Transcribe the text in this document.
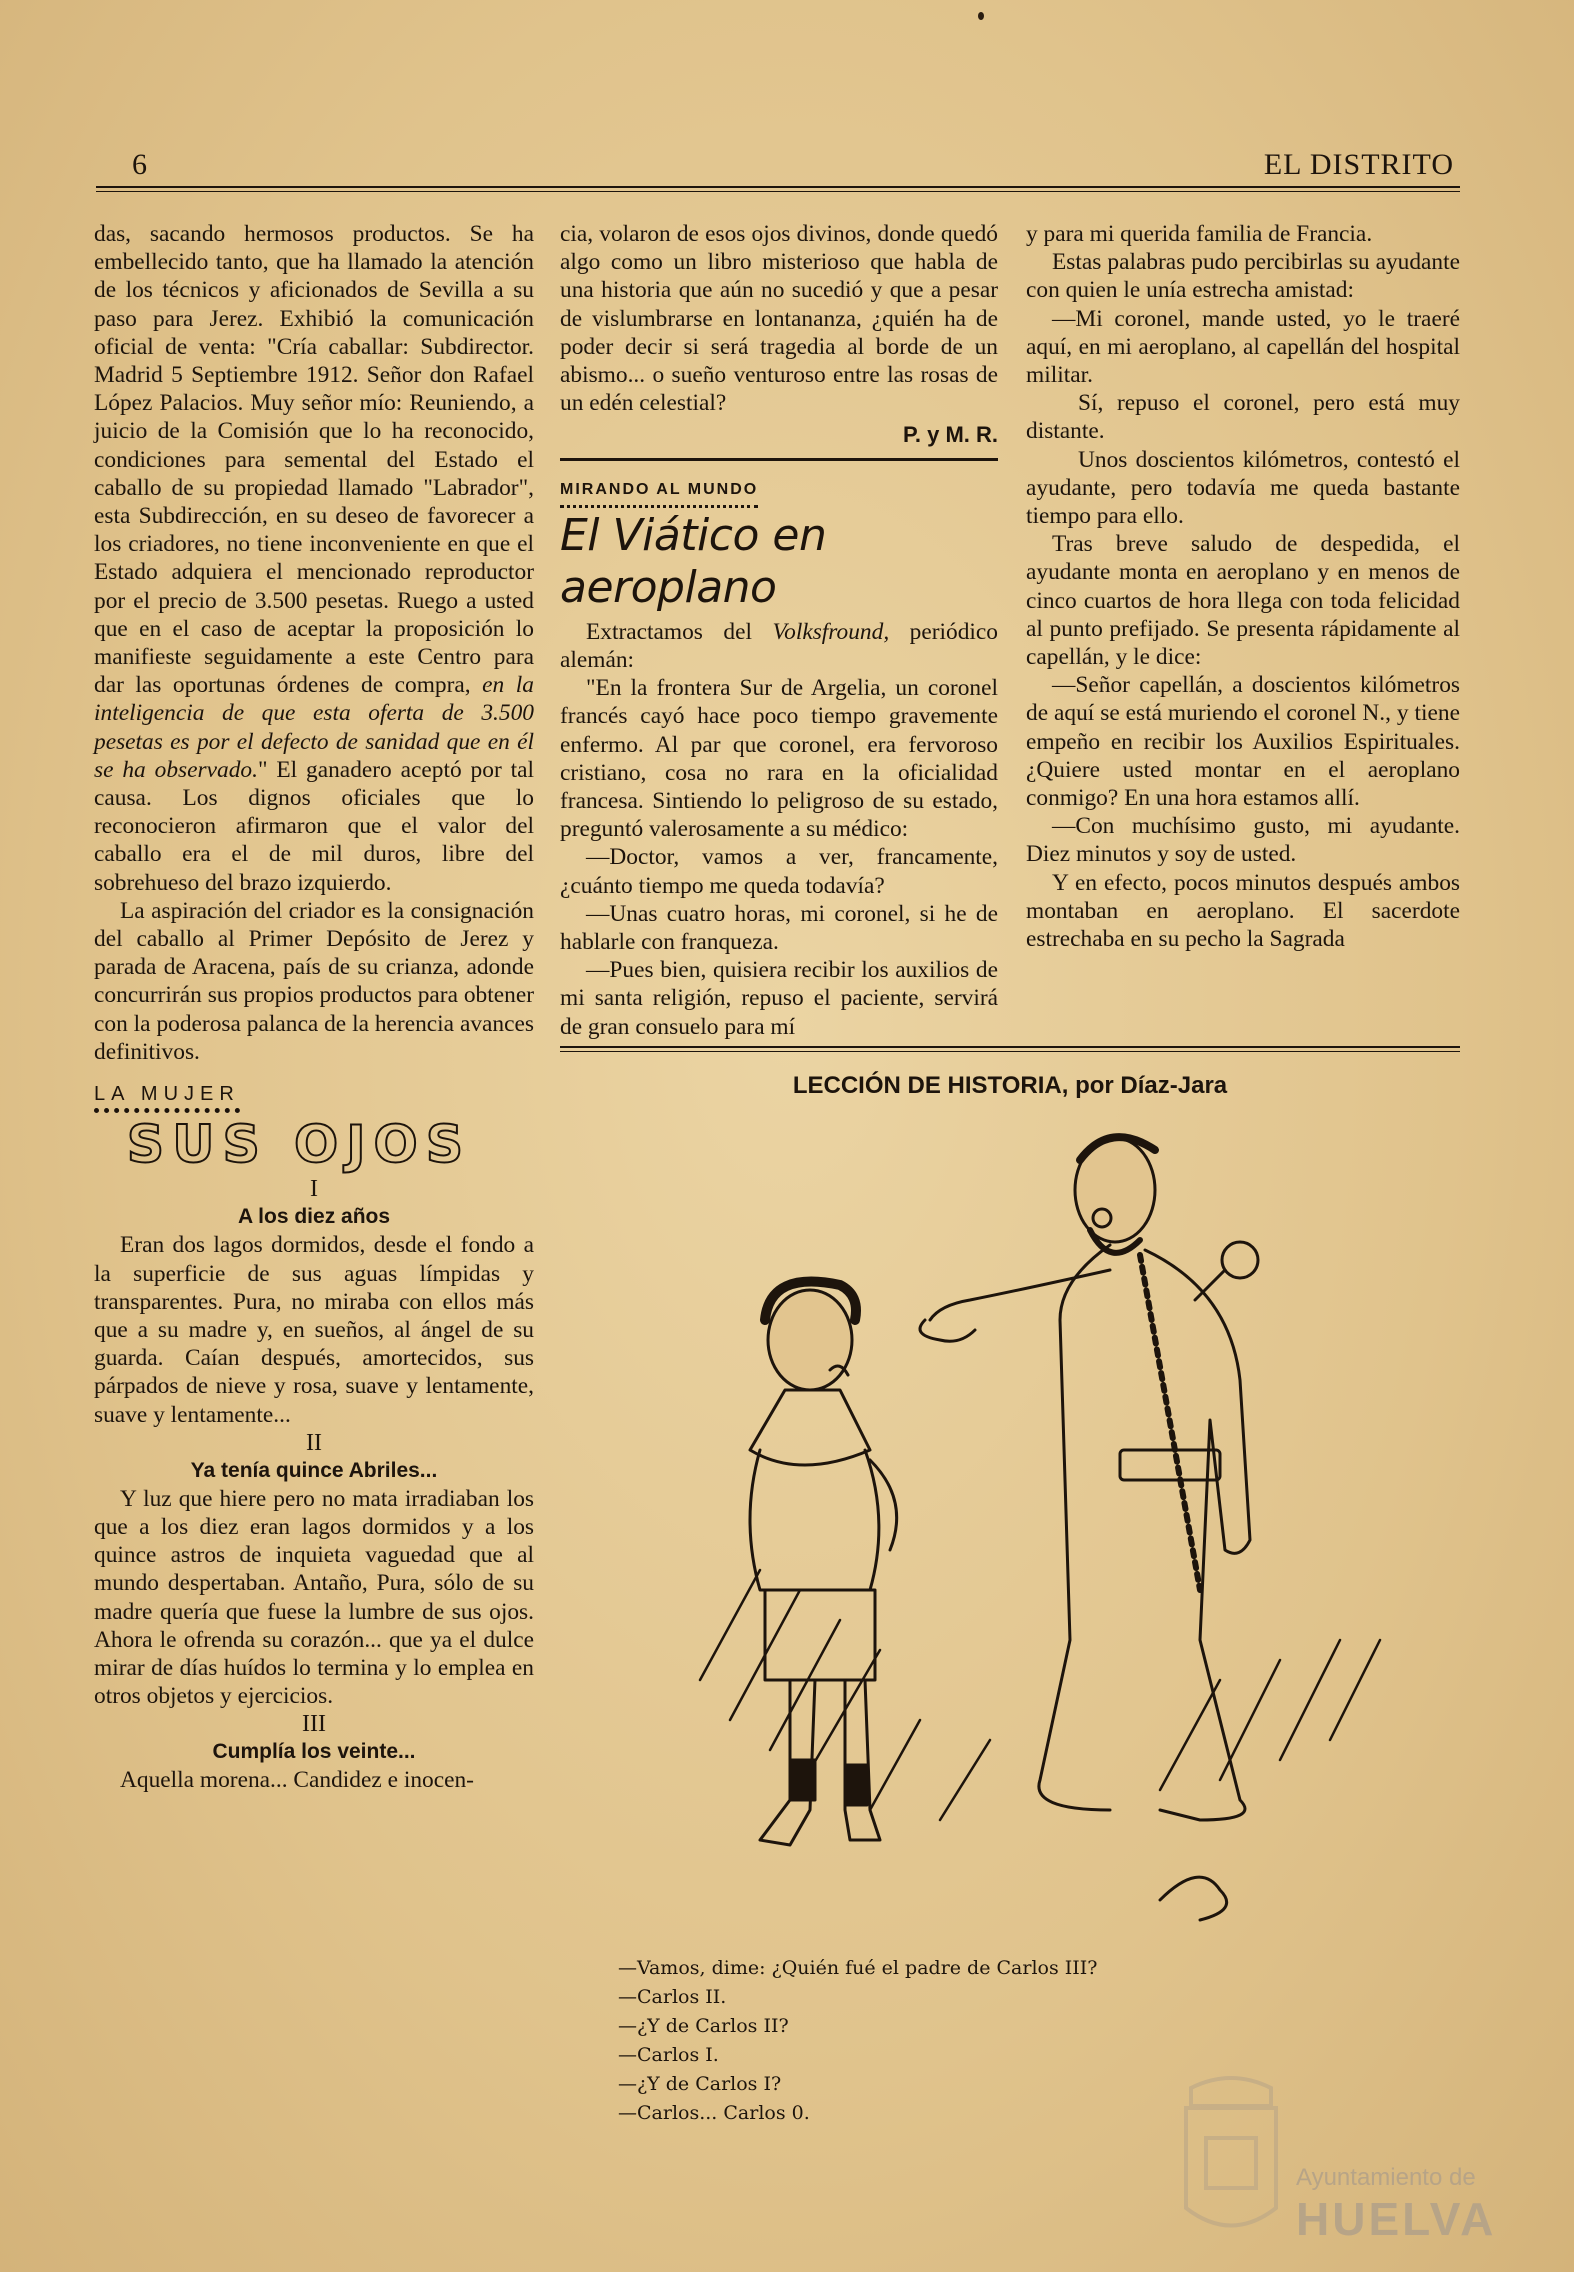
6	EL DISTRITO

das, sacando hermosos productos. Se ha embellecido tanto, que ha llamado la atención de los técnicos y aficionados de Sevilla a su paso para Jerez. Exhibió la comunicación oficial de venta: "Cría caballar: Subdirector. Madrid 5 Septiembre 1912. Señor don Rafael López Palacios. Muy señor mío: Reuniendo, a juicio de la Comisión que lo ha reconocido, condiciones para semental del Estado el caballo de su propiedad llamado "Labrador", esta Subdirección, en su deseo de favorecer a los criadores, no tiene inconveniente en que el Estado adquiera el mencionado reproductor por el precio de 3.500 pesetas. Ruego a usted que en el caso de aceptar la proposición lo manifieste seguidamente a este Centro para dar las oportunas órdenes de compra, en la inteligencia de que esta oferta de 3.500 pesetas es por el defecto de sanidad que en él se ha observado." El ganadero aceptó por tal causa. Los dignos oficiales que lo reconocieron afirmaron que el valor del caballo era el de mil duros, libre del sobrehueso del brazo izquierdo.

La aspiración del criador es la consignación del caballo al Primer Depósito de Jerez y parada de Aracena, país de su crianza, adonde concurrirán sus propios productos para obtener con la poderosa palanca de la herencia avances definitivos.

LA MUJER
SUS OJOS
I
A los diez años

Eran dos lagos dormidos, desde el fondo a la superficie de sus aguas límpidas y transparentes. Pura, no miraba con ellos más que a su madre y, en sueños, al ángel de su guarda. Caían después, amortecidos, sus párpados de nieve y rosa, suave y lentamente, suave y lentamente...

II
Ya tenía quince Abriles...

Y luz que hiere pero no mata irradiaban los que a los diez eran lagos dormidos y a los quince astros de inquieta vaguedad que al mundo despertaban. Antaño, Pura, sólo de su madre quería que fuese la lumbre de sus ojos. Ahora le ofrenda su corazón... que ya el dulce mirar de días huídos lo termina y lo emplea en otros objetos y ejercicios.

III
Cumplía los veinte...

Aquella morena... Candidez e inocen-

cia, volaron de esos ojos divinos, donde quedó algo como un libro misterioso que habla de una historia que aún no sucedió y que a pesar de vislumbrarse en lontananza, ¿quién ha de poder decir si será tragedia al borde de un abismo... o sueño venturoso entre las rosas de un edén celestial?

P. y M. R.
MIRANDO AL MUNDO
El Viático en aeroplano

Extractamos del Volksfround, periódico alemán:

"En la frontera Sur de Argelia, un coronel francés cayó hace poco tiempo gravemente enfermo. Al par que coronel, era fervoroso cristiano, cosa no rara en la oficialidad francesa. Sintiendo lo peligroso de su estado, preguntó valerosamente a su médico:

—Doctor, vamos a ver, francamente, ¿cuánto tiempo me queda todavía?

—Unas cuatro horas, mi coronel, si he de hablarle con franqueza.

—Pues bien, quisiera recibir los auxilios de mi santa religión, repuso el paciente, servirá de gran consuelo para mí

y para mi querida familia de Francia.

Estas palabras pudo percibirlas su ayudante con quien le unía estrecha amistad:

—Mi coronel, mande usted, yo le traeré aquí, en mi aeroplano, al capellán del hospital militar.

Sí, repuso el coronel, pero está muy distante.

Unos doscientos kilómetros, contestó el ayudante, pero todavía me queda bastante tiempo para ello.

Tras breve saludo de despedida, el ayudante monta en aeroplano y en menos de cinco cuartos de hora llega con toda felicidad al punto prefijado. Se presenta rápidamente al capellán, y le dice:

—Señor capellán, a doscientos kilómetros de aquí se está muriendo el coronel N., y tiene empeño en recibir los Auxilios Espirituales. ¿Quiere usted montar en el aeroplano conmigo? En una hora estamos allí.

—Con muchísimo gusto, mi ayudante. Diez minutos y soy de usted.

Y en efecto, pocos minutos después ambos montaban en aeroplano. El sacerdote estrechaba en su pecho la Sagrada

LECCIÓN DE HISTORIA, por Díaz-Jara
—Vamos, dime: ¿Quién fué el padre de Carlos III?
—Carlos II.
—¿Y de Carlos II?
—Carlos I.
—¿Y de Carlos I?
—Carlos... Carlos 0.
Ayuntamiento de
HUELVA
